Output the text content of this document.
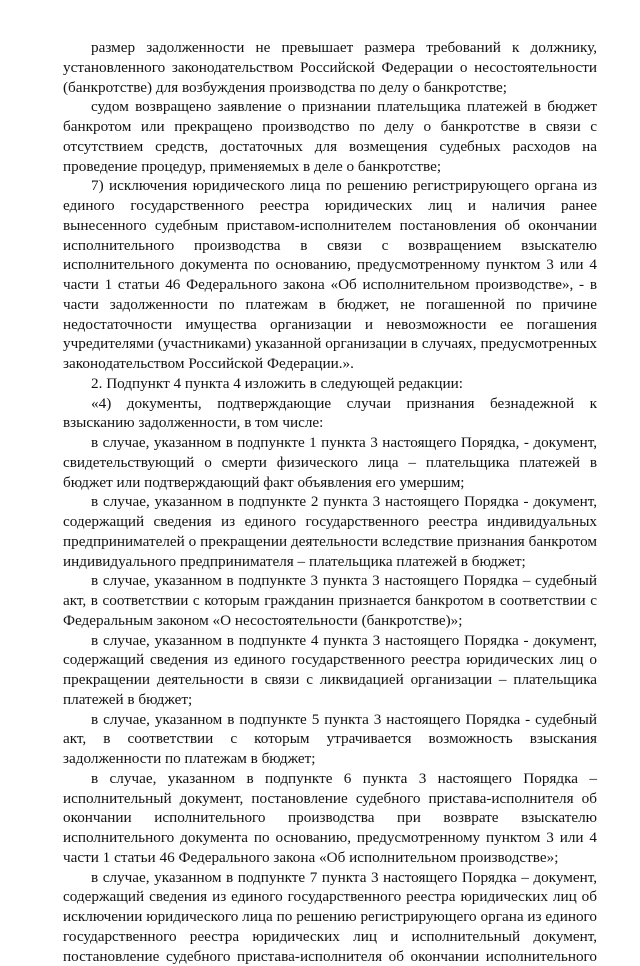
размер задолженности не превышает размера требований к должнику, установленного законодательством Российской Федерации о несостоятельности (банкротстве) для возбуждения производства по делу о банкротстве;

судом возвращено заявление о признании плательщика платежей в бюджет банкротом или прекращено производство по делу о банкротстве в связи с отсутствием средств, достаточных для возмещения судебных расходов на проведение процедур, применяемых в деле о банкротстве;

7) исключения юридического лица по решению регистрирующего органа из единого государственного реестра юридических лиц и наличия ранее вынесенного судебным приставом-исполнителем постановления об окончании исполнительного производства в связи с возвращением взыскателю исполнительного документа по основанию, предусмотренному пунктом 3 или 4 части 1 статьи 46 Федерального закона «Об исполнительном производстве», - в части задолженности по платежам в бюджет, не погашенной по причине недостаточности имущества организации и невозможности ее погашения учредителями (участниками) указанной организации в случаях, предусмотренных законодательством Российской Федерации.».

2. Подпункт 4 пункта 4 изложить в следующей редакции:

«4) документы, подтверждающие случаи признания безнадежной к взысканию задолженности, в том числе:

в случае, указанном в подпункте 1 пункта 3 настоящего Порядка, - документ, свидетельствующий о смерти физического лица – плательщика платежей в бюджет или подтверждающий факт объявления его умершим;

в случае, указанном в подпункте 2 пункта 3 настоящего Порядка - документ, содержащий сведения из единого государственного реестра индивидуальных предпринимателей о прекращении деятельности вследствие признания банкротом индивидуального предпринимателя – плательщика платежей в бюджет;

в случае, указанном в подпункте 3 пункта 3 настоящего Порядка – судебный акт, в соответствии с которым гражданин признается банкротом в соответствии с Федеральным законом «О несостоятельности (банкротстве)»;

в случае, указанном в подпункте 4 пункта 3 настоящего Порядка - документ, содержащий сведения из единого государственного реестра юридических лиц о прекращении деятельности в связи с ликвидацией организации – плательщика платежей в бюджет;

в случае, указанном в подпункте 5 пункта 3 настоящего Порядка - судебный акт, в соответствии с которым утрачивается возможность взыскания задолженности по платежам в бюджет;

в случае, указанном в подпункте 6 пункта 3 настоящего Порядка – исполнительный документ, постановление судебного пристава-исполнителя об окончании исполнительного производства при возврате взыскателю исполнительного документа по основанию, предусмотренному пунктом 3 или 4 части 1 статьи 46 Федерального закона «Об исполнительном производстве»;

в случае, указанном в подпункте 7 пункта 3 настоящего Порядка – документ, содержащий сведения из единого государственного реестра юридических лиц об исключении юридического лица по решению регистрирующего органа из единого государственного реестра юридических лиц и исполнительный документ, постановление судебного пристава-исполнителя об окончании исполнительного
